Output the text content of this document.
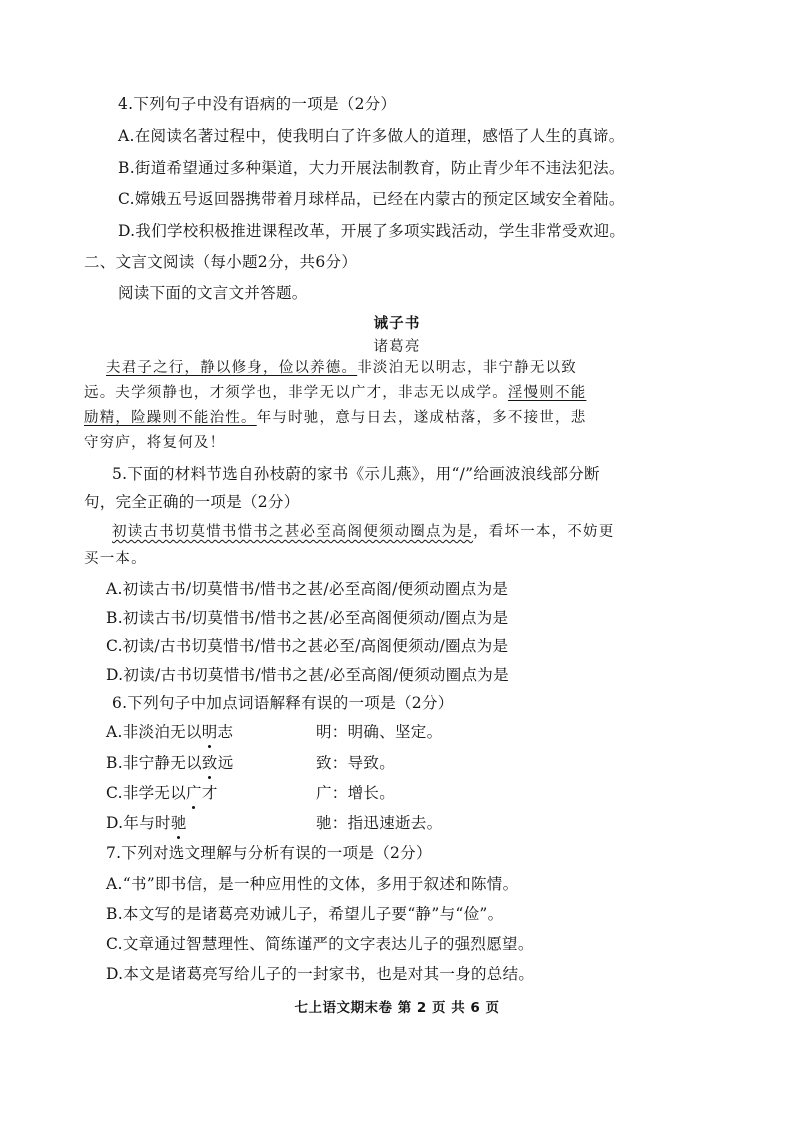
4.下列句子中没有语病的一项是（2分）
A.在阅读名著过程中，使我明白了许多做人的道理，感悟了人生的真谛。
B.街道希望通过多种渠道，大力开展法制教育，防止青少年不违法犯法。
C.嫦娥五号返回器携带着月球样品，已经在内蒙古的预定区域安全着陆。
D.我们学校积极推进课程改革，开展了多项实践活动，学生非常受欢迎。
二、文言文阅读（每小题2分，共6分）
阅读下面的文言文并答题。
诫子书
诸葛亮
夫君子之行，静以修身，俭以养德。非淡泊无以明志，非宁静无以致
远。夫学须静也，才须学也，非学无以广才，非志无以成学。淫慢则不能
励精，险躁则不能治性。年与时驰，意与日去，遂成枯落，多不接世，悲
守穷庐，将复何及！
5.下面的材料节选自孙枝蔚的家书《示儿燕》，用“/”给画波浪线部分断
句，完全正确的一项是（2分）
初读古书切莫惜书惜书之甚必至高阁便须动圈点为是，看坏一本，不妨更
买一本。
A.初读古书/切莫惜书/惜书之甚/必至高阁/便须动圈点为是
B.初读古书/切莫惜书/惜书之甚/必至高阁便须动/圈点为是
C.初读/古书切莫惜书/惜书之甚必至/高阁便须动/圈点为是
D.初读/古书切莫惜书/惜书之甚/必至高阁/便须动圈点为是
6.下列句子中加点词语解释有误的一项是（2分）
A.非淡泊无以明志	明：明确、坚定。
B.非宁静无以致远	致：导致。
C.非学无以广才	广：增长。
D.年与时驰	驰：指迅速逝去。
7.下列对选文理解与分析有误的一项是（2分）
A.“书”即书信，是一种应用性的文体，多用于叙述和陈情。
B.本文写的是诸葛亮劝诫儿子，希望儿子要“静”与“俭”。
C.文章通过智慧理性、简练谨严的文字表达儿子的强烈愿望。
D.本文是诸葛亮写给儿子的一封家书，也是对其一身的总结。
七上语文期末卷 第 2 页 共 6 页
